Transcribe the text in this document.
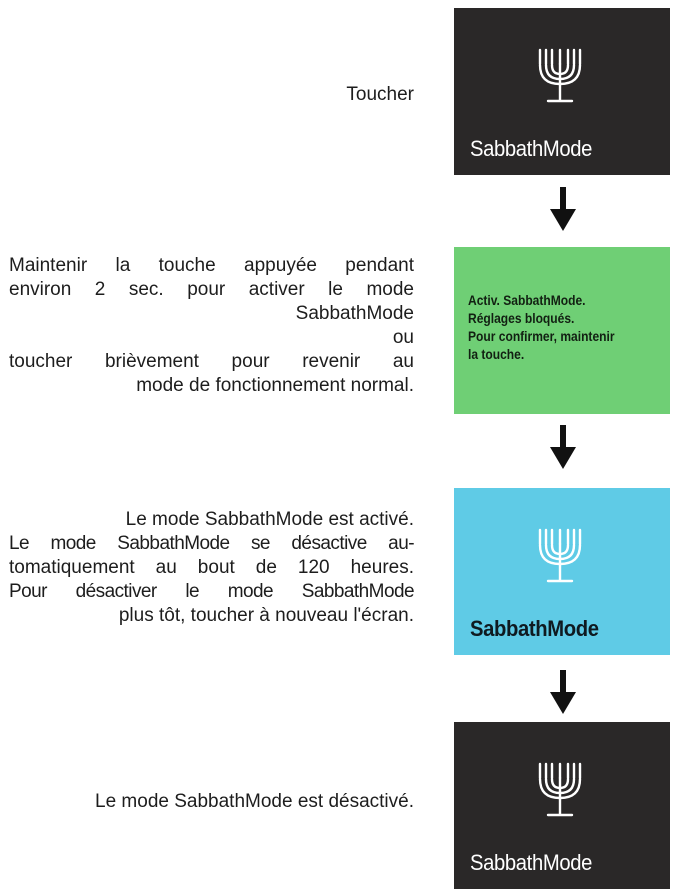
Toucher
SabbathMode
Maintenir la touche appuyée pendant
environ 2 sec. pour activer le mode
SabbathMode
ou
toucher brièvement pour revenir au
mode de fonctionnement normal.
Activ. SabbathMode.
Réglages bloqués.
Pour confirmer, maintenir
la touche.
Le mode SabbathMode est activé.
Le mode SabbathMode se désactive au-
tomatiquement au bout de 120 heures.
Pour désactiver le mode SabbathMode
plus tôt, toucher à nouveau l'écran.
SabbathMode
Le mode SabbathMode est désactivé.
SabbathMode
